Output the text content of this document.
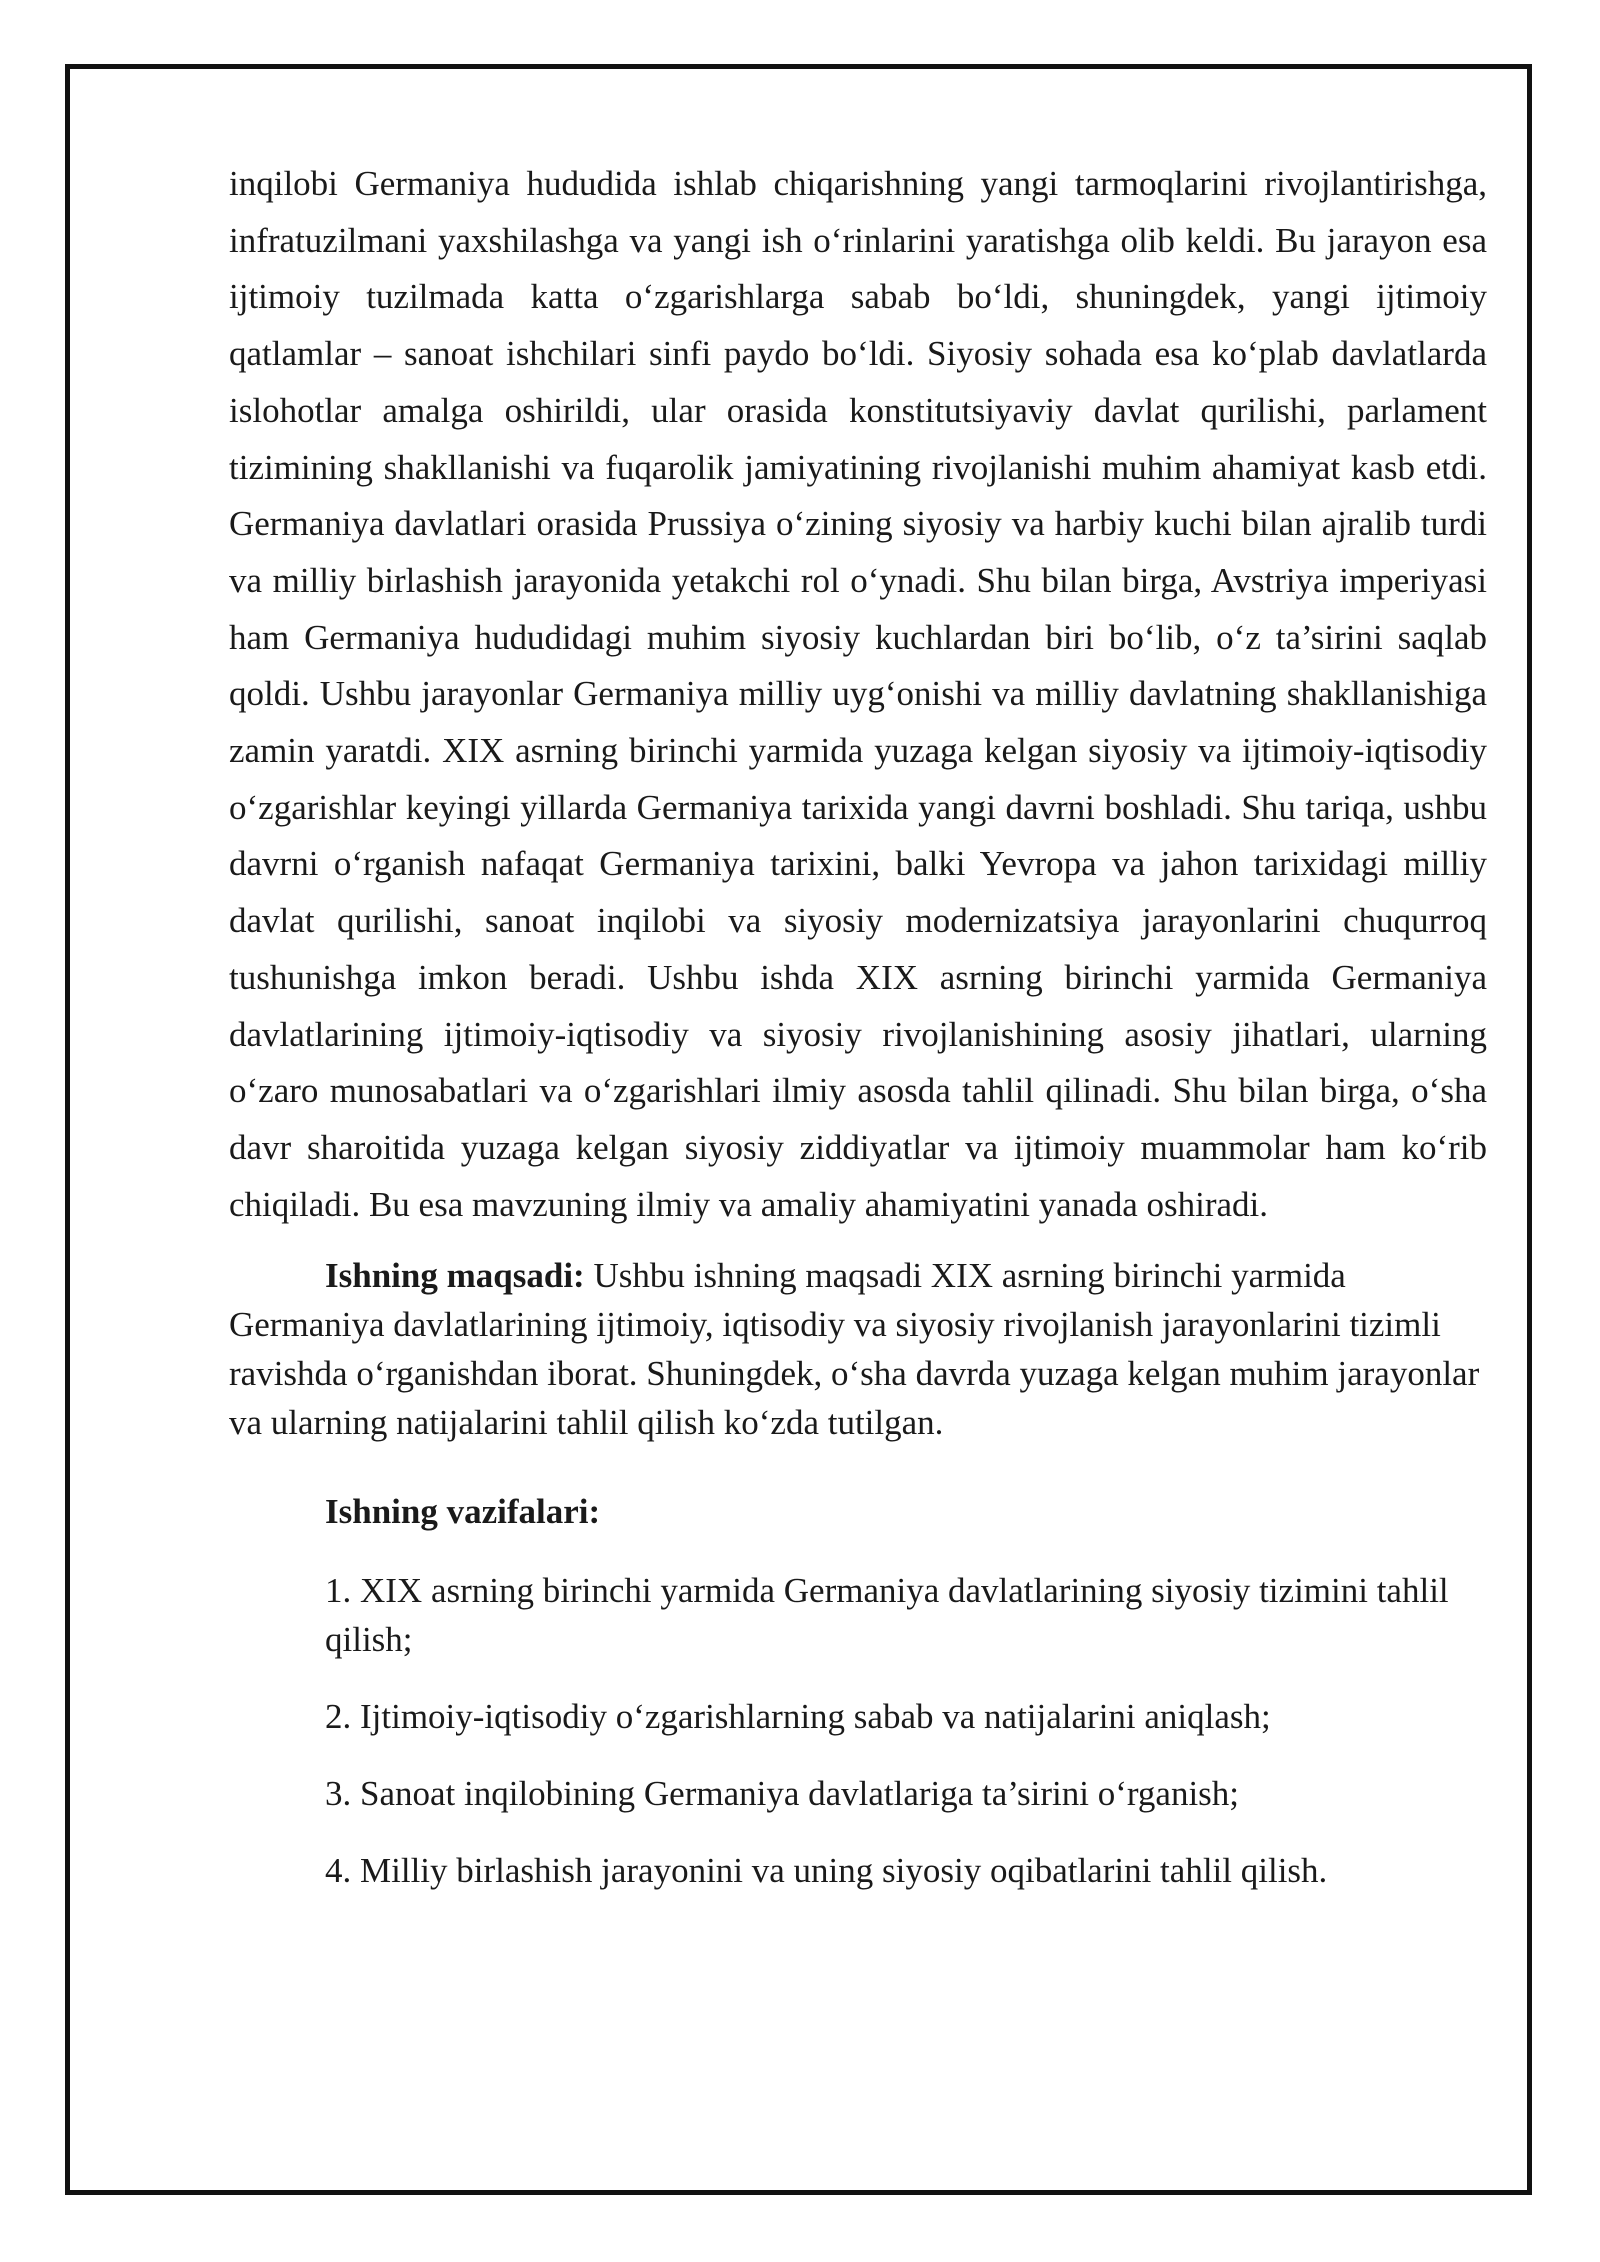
inqilobi Germaniya hududida ishlab chiqarishning yangi tarmoqlarini rivojlantirishga, infratuzilmani yaxshilashga va yangi ish o‘rinlarini yaratishga olib keldi. Bu jarayon esa ijtimoiy tuzilmada katta o‘zgarishlarga sabab bo‘ldi, shuningdek, yangi ijtimoiy qatlamlar – sanoat ishchilari sinfi paydo bo‘ldi. Siyosiy sohada esa ko‘plab davlatlarda islohotlar amalga oshirildi, ular orasida konstitutsiyaviy davlat qurilishi, parlament tizimining shakllanishi va fuqarolik jamiyatining rivojlanishi muhim ahamiyat kasb etdi. Germaniya davlatlari orasida Prussiya o‘zining siyosiy va harbiy kuchi bilan ajralib turdi va milliy birlashish jarayonida yetakchi rol o‘ynadi. Shu bilan birga, Avstriya imperiyasi ham Germaniya hududidagi muhim siyosiy kuchlardan biri bo‘lib, o‘z ta’sirini saqlab qoldi. Ushbu jarayonlar Germaniya milliy uyg‘onishi va milliy davlatning shakllanishiga zamin yaratdi. XIX asrning birinchi yarmida yuzaga kelgan siyosiy va ijtimoiy-iqtisodiy o‘zgarishlar keyingi yillarda Germaniya tarixida yangi davrni boshladi. Shu tariqa, ushbu davrni o‘rganish nafaqat Germaniya tarixini, balki Yevropa va jahon tarixidagi milliy davlat qurilishi, sanoat inqilobi va siyosiy modernizatsiya jarayonlarini chuqurroq tushunishga imkon beradi. Ushbu ishda XIX asrning birinchi yarmida Germaniya davlatlarining ijtimoiy-iqtisodiy va siyosiy rivojlanishining asosiy jihatlari, ularning o‘zaro munosabatlari va o‘zgarishlari ilmiy asosda tahlil qilinadi. Shu bilan birga, o‘sha davr sharoitida yuzaga kelgan siyosiy ziddiyatlar va ijtimoiy muammolar ham ko‘rib chiqiladi. Bu esa mavzuning ilmiy va amaliy ahamiyatini yanada oshiradi.

Ishning maqsadi: Ushbu ishning maqsadi XIX asrning birinchi yarmida Germaniya davlatlarining ijtimoiy, iqtisodiy va siyosiy rivojlanish jarayonlarini tizimli ravishda o‘rganishdan iborat. Shuningdek, o‘sha davrda yuzaga kelgan muhim jarayonlar va ularning natijalarini tahlil qilish ko‘zda tutilgan.

Ishning vazifalari:

1. XIX asrning birinchi yarmida Germaniya davlatlarining siyosiy tizimini tahlil qilish;
2. Ijtimoiy-iqtisodiy o‘zgarishlarning sabab va natijalarini aniqlash;
3. Sanoat inqilobining Germaniya davlatlariga ta’sirini o‘rganish;
4. Milliy birlashish jarayonini va uning siyosiy oqibatlarini tahlil qilish.
